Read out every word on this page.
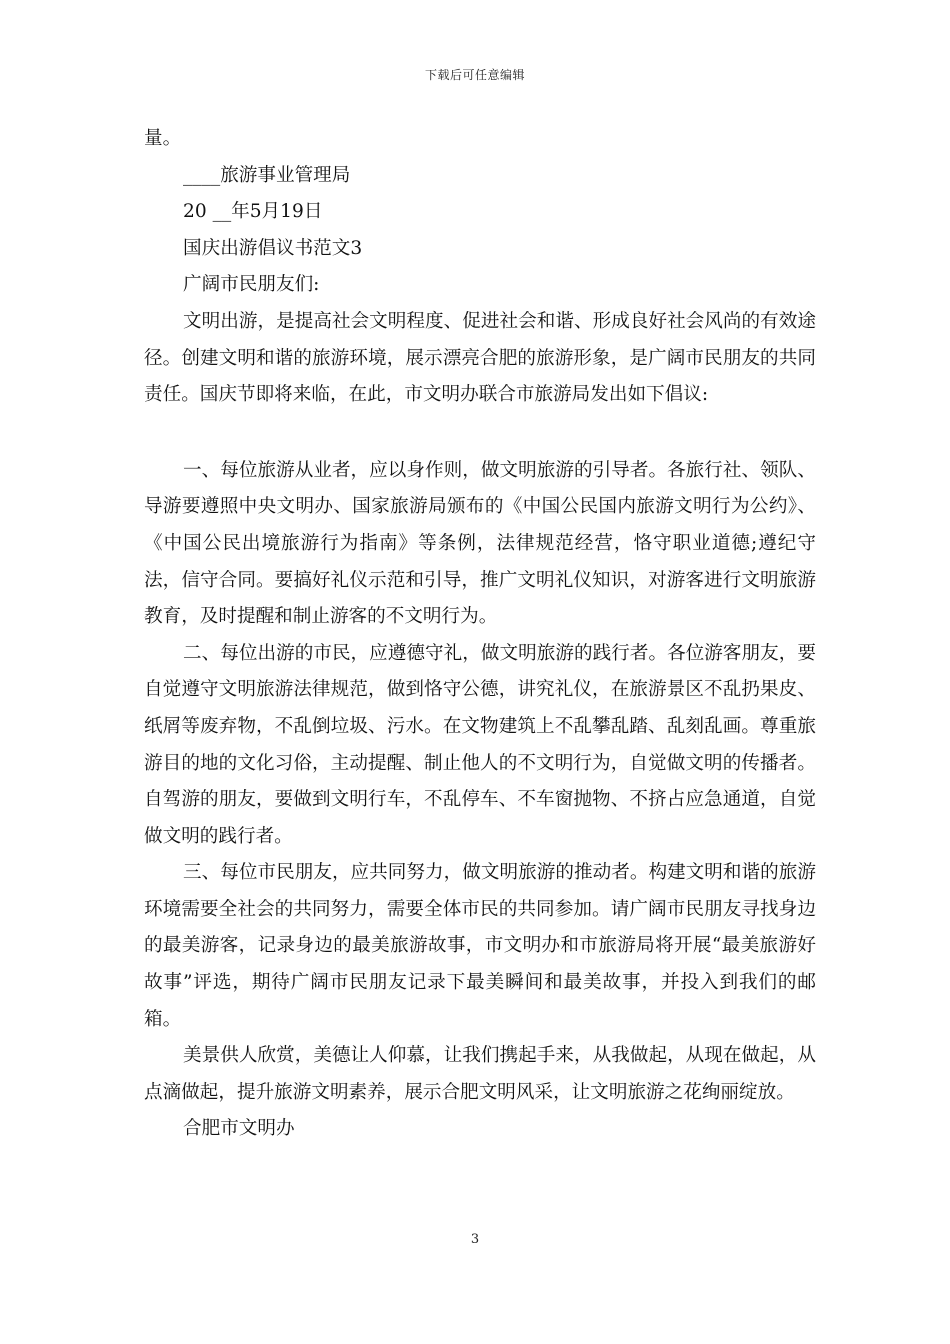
下载后可任意编辑

量。

____旅游事业管理局

20 __年5月19日

国庆出游倡议书范文3

广阔市民朋友们:

文明出游，是提高社会文明程度、促进社会和谐、形成良好社会风尚的有效途径。创建文明和谐的旅游环境，展示漂亮合肥的旅游形象，是广阔市民朋友的共同责任。国庆节即将来临，在此，市文明办联合市旅游局发出如下倡议:

一、每位旅游从业者，应以身作则，做文明旅游的引导者。各旅行社、领队、导游要遵照中央文明办、国家旅游局颁布的《中国公民国内旅游文明行为公约》、《中国公民出境旅游行为指南》等条例，法律规范经营，恪守职业道德;遵纪守法，信守合同。要搞好礼仪示范和引导，推广文明礼仪知识，对游客进行文明旅游教育，及时提醒和制止游客的不文明行为。

二、每位出游的市民，应遵德守礼，做文明旅游的践行者。各位游客朋友，要自觉遵守文明旅游法律规范，做到恪守公德，讲究礼仪，在旅游景区不乱扔果皮、纸屑等废弃物，不乱倒垃圾、污水。在文物建筑上不乱攀乱踏、乱刻乱画。尊重旅游目的地的文化习俗，主动提醒、制止他人的不文明行为，自觉做文明的传播者。自驾游的朋友，要做到文明行车，不乱停车、不车窗抛物、不挤占应急通道，自觉做文明的践行者。

三、每位市民朋友，应共同努力，做文明旅游的推动者。构建文明和谐的旅游环境需要全社会的共同努力，需要全体市民的共同参加。请广阔市民朋友寻找身边的最美游客，记录身边的最美旅游故事，市文明办和市旅游局将开展“最美旅游好故事”评选，期待广阔市民朋友记录下最美瞬间和最美故事，并投入到我们的邮箱。

美景供人欣赏，美德让人仰慕，让我们携起手来，从我做起，从现在做起，从点滴做起，提升旅游文明素养，展示合肥文明风采，让文明旅游之花绚丽绽放。

合肥市文明办

3
